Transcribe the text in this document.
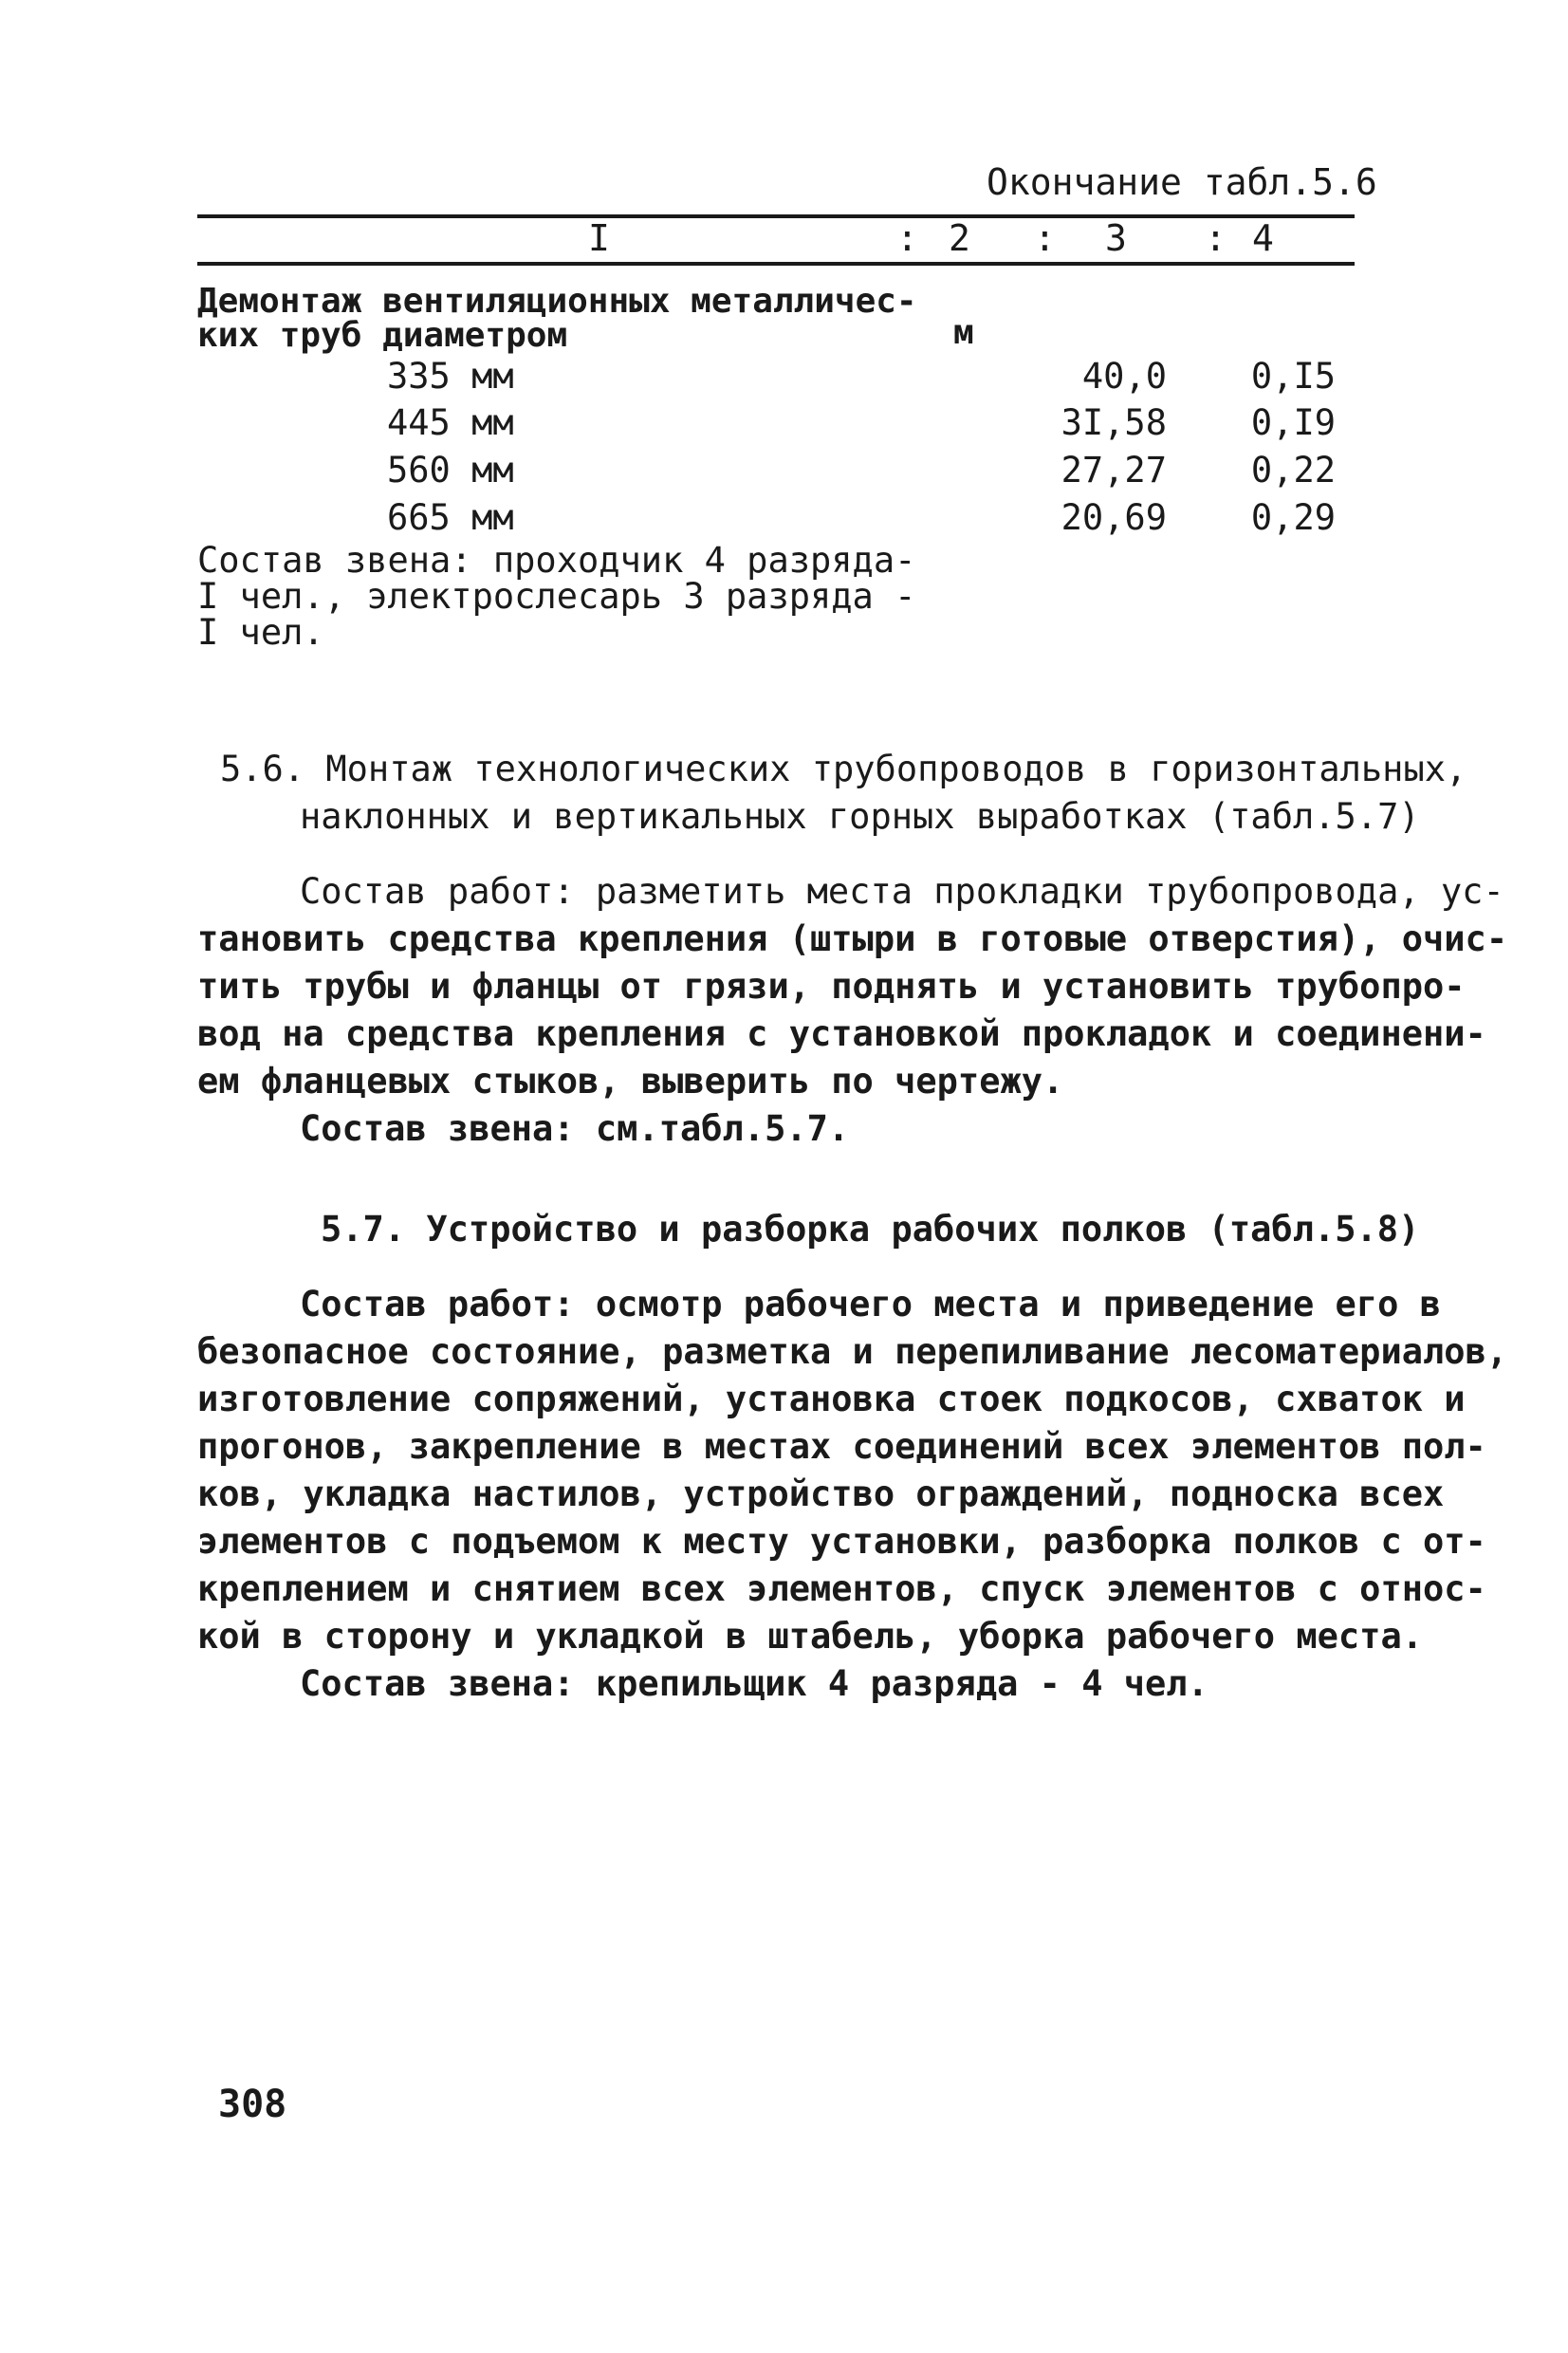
Окончание табл.5.6
I	: 2 : 3 : 4
Демонтаж вентиляционных металличес-
ких труб диаметром	м
335 мм	40,0	0,I5
445 мм	3I,58	0,I9
560 мм	27,27	0,22
665 мм	20,69	0,29
Состав звена: проходчик 4 разряда-
I чел., электрослесарь 3 разряда -
I чел.
5.6. Монтаж технологических трубопроводов в горизонтальных,
наклонных и вертикальных горных выработках (табл.5.7)
Состав работ: разметить места прокладки трубопровода, ус-
тановить средства крепления (штыри в готовые отверстия), очис-
тить трубы и фланцы от грязи, поднять и установить трубопро-
вод на средства крепления с установкой прокладок и соединени-
ем фланцевых стыков, выверить по чертежу.
Состав звена: см.табл.5.7.
5.7. Устройство и разборка рабочих полков (табл.5.8)
Состав работ: осмотр рабочего места и приведение его в
безопасное состояние, разметка и перепиливание лесоматериалов,
изготовление сопряжений, установка стоек подкосов, схваток и
прогонов, закрепление в местах соединений всех элементов пол-
ков, укладка настилов, устройство ограждений, подноска всех
элементов с подъемом к месту установки, разборка полков с от-
креплением и снятием всех элементов, спуск элементов с относ-
кой в сторону и укладкой в штабель, уборка рабочего места.
Состав звена: крепильщик 4 разряда - 4 чел.
308
